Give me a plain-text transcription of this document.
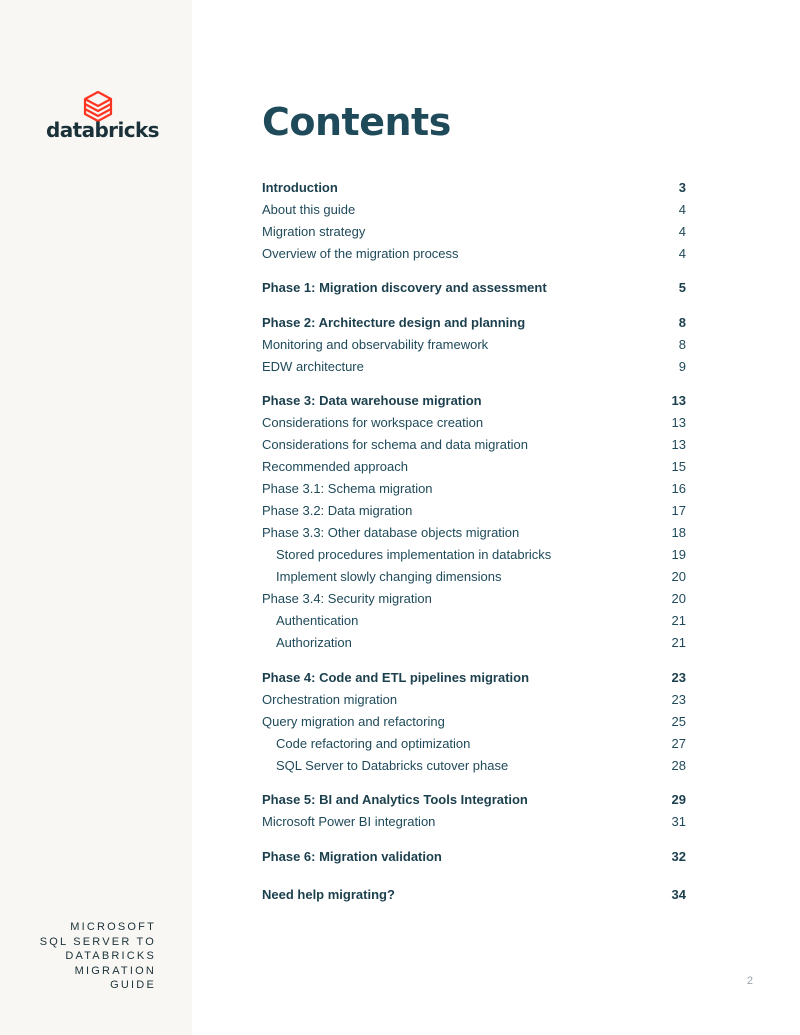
databricks
MICROSOFT
SQL SERVER TO
DATABRICKS
MIGRATION
GUIDE
Contents
Introduction	3
About this guide	4
Migration strategy	4
Overview of the migration process	4
Phase 1: Migration discovery and assessment	5
Phase 2: Architecture design and planning	8
Monitoring and observability framework	8
EDW architecture	9
Phase 3: Data warehouse migration	13
Considerations for workspace creation	13
Considerations for schema and data migration	13
Recommended approach	15
Phase 3.1: Schema migration	16
Phase 3.2: Data migration	17
Phase 3.3: Other database objects migration	18
Stored procedures implementation in databricks	19
Implement slowly changing dimensions	20
Phase 3.4: Security migration	20
Authentication	21
Authorization	21
Phase 4: Code and ETL pipelines migration	23
Orchestration migration	23
Query migration and refactoring	25
Code refactoring and optimization	27
SQL Server to Databricks cutover phase	28
Phase 5: BI and Analytics Tools Integration	29
Microsoft Power BI integration	31
Phase 6: Migration validation	32
Need help migrating?	34
2
